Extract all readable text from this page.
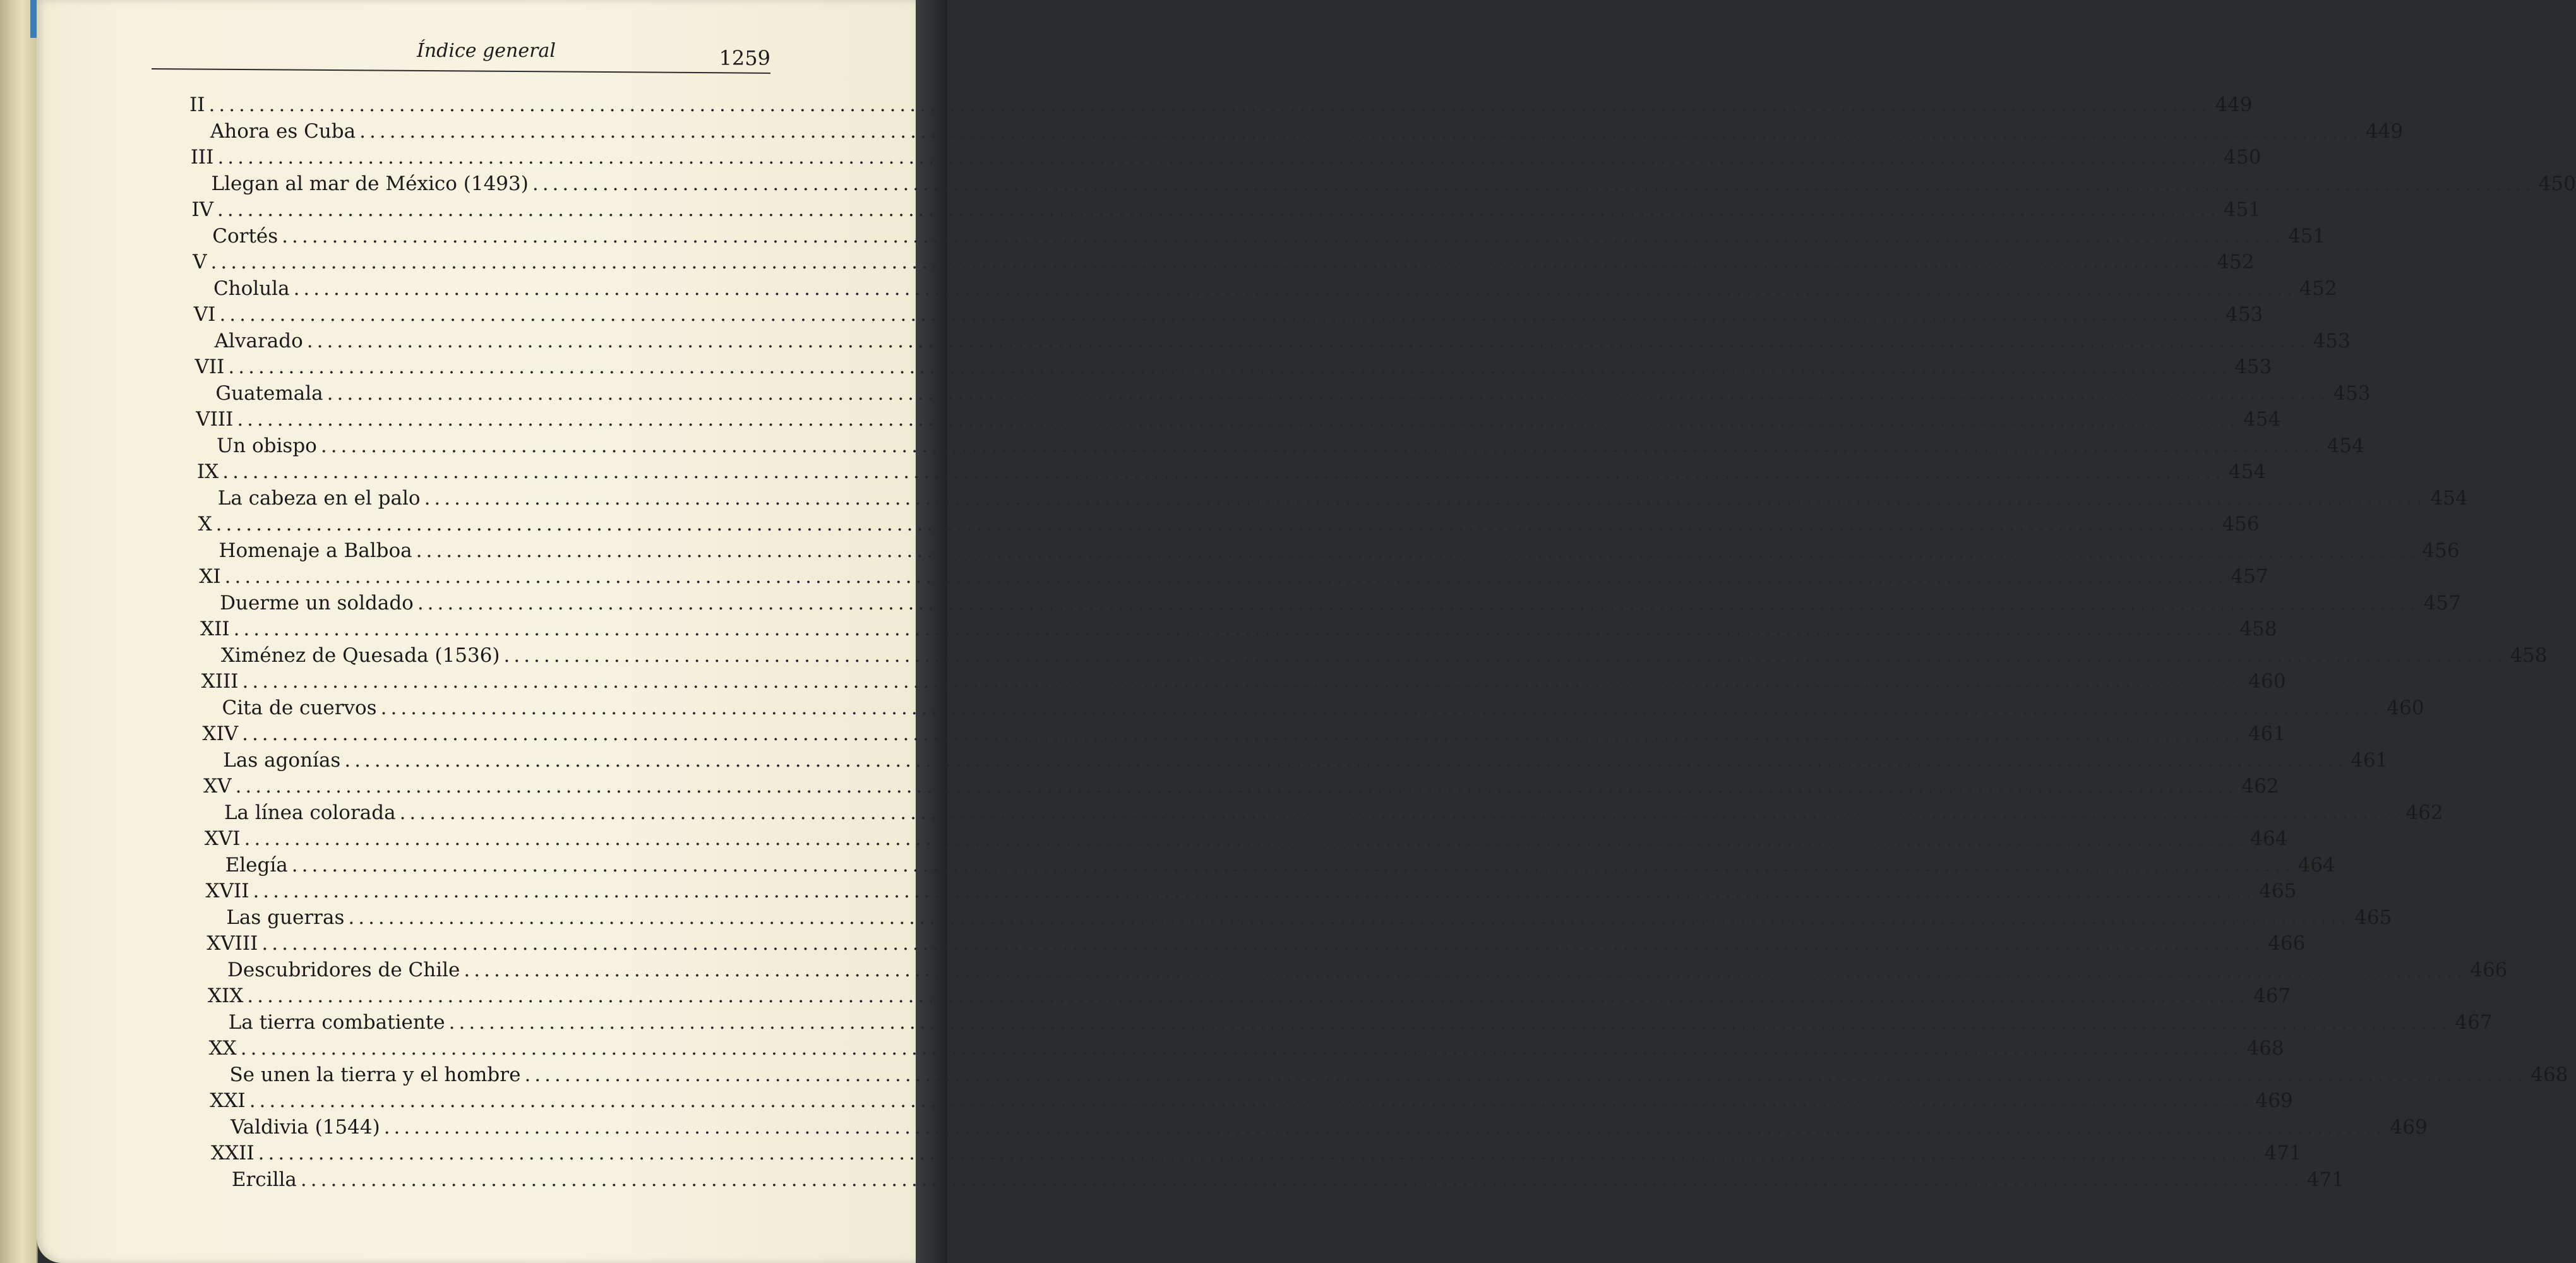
Índice general	1259
II ........................................................................................................................................................................................................ 449
Ahora es Cuba ........................................................................................................................................................................................................ 449
III ........................................................................................................................................................................................................ 450
Llegan al mar de México (1493) ........................................................................................................................................................................................................ 450
IV ........................................................................................................................................................................................................ 451
Cortés ........................................................................................................................................................................................................ 451
V ........................................................................................................................................................................................................ 452
Cholula ........................................................................................................................................................................................................ 452
VI ........................................................................................................................................................................................................ 453
Alvarado ........................................................................................................................................................................................................ 453
VII ........................................................................................................................................................................................................ 453
Guatemala ........................................................................................................................................................................................................ 453
VIII ........................................................................................................................................................................................................ 454
Un obispo ........................................................................................................................................................................................................ 454
IX ........................................................................................................................................................................................................ 454
La cabeza en el palo ........................................................................................................................................................................................................ 454
X ........................................................................................................................................................................................................ 456
Homenaje a Balboa ........................................................................................................................................................................................................ 456
XI ........................................................................................................................................................................................................ 457
Duerme un soldado ........................................................................................................................................................................................................ 457
XII ........................................................................................................................................................................................................ 458
Ximénez de Quesada (1536) ........................................................................................................................................................................................................ 458
XIII ........................................................................................................................................................................................................ 460
Cita de cuervos ........................................................................................................................................................................................................ 460
XIV ........................................................................................................................................................................................................ 461
Las agonías ........................................................................................................................................................................................................ 461
XV ........................................................................................................................................................................................................ 462
La línea colorada ........................................................................................................................................................................................................ 462
XVI ........................................................................................................................................................................................................ 464
Elegía ........................................................................................................................................................................................................ 464
XVII ........................................................................................................................................................................................................ 465
Las guerras ........................................................................................................................................................................................................ 465
XVIII ........................................................................................................................................................................................................ 466
Descubridores de Chile ........................................................................................................................................................................................................ 466
XIX ........................................................................................................................................................................................................ 467
La tierra combatiente ........................................................................................................................................................................................................ 467
XX ........................................................................................................................................................................................................ 468
Se unen la tierra y el hombre ........................................................................................................................................................................................................ 468
XXI ........................................................................................................................................................................................................ 469
Valdivia (1544) ........................................................................................................................................................................................................ 469
XXII ........................................................................................................................................................................................................ 471
Ercilla ........................................................................................................................................................................................................ 471
